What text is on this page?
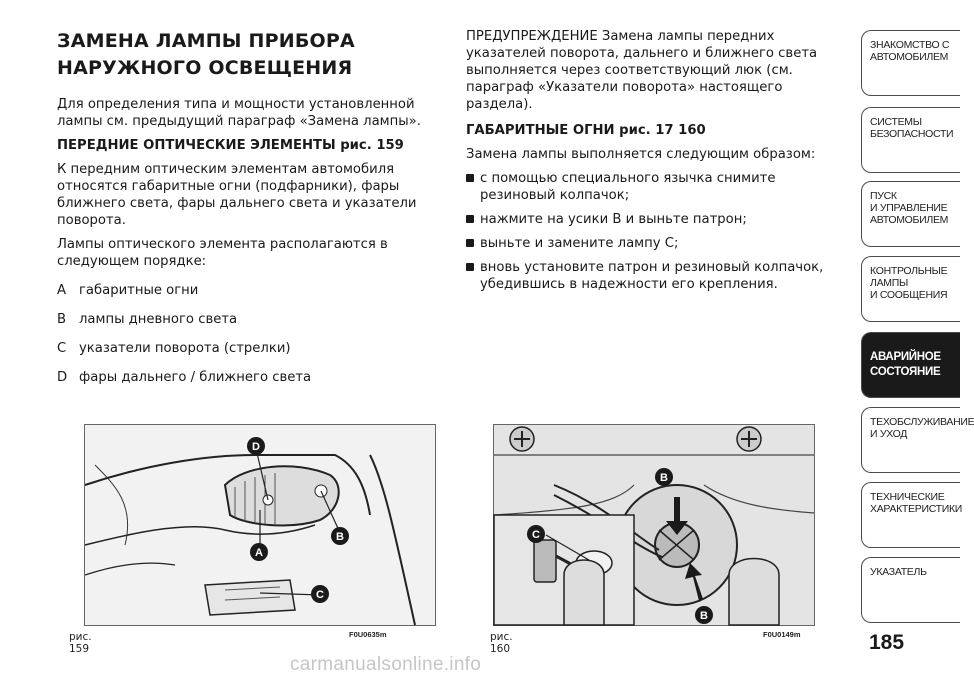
ЗАМЕНА ЛАМПЫ ПРИБОРА НАРУЖНОГО ОСВЕЩЕНИЯ

Для определения типа и мощности установленной лампы см. предыдущий параграф «Замена лампы».

ПЕРЕДНИЕ ОПТИЧЕСКИЕ ЭЛЕМЕНТЫ рис. 159

К передним оптическим элементам автомобиля относятся габаритные огни (подфарники), фары ближнего света, фары дальнего света и указатели поворота.

Лампы оптического элемента располагаются в следующем порядке:

A габаритные огни
B лампы дневного света
C указатели поворота (стрелки)
D фары дальнего / ближнего света

ПРЕДУПРЕЖДЕНИЕ Замена лампы передних указателей поворота, дальнего и ближнего света выполняется через соответствующий люк (см. параграф «Указатели поворота» настоящего раздела).

ГАБАРИТНЫЕ ОГНИ рис. 17 160

Замена лампы выполняется следующим образом:

с помощью специального язычка снимите резиновый колпачок;
нажмите на усики B и выньте патрон;
выньте и замените лампу C;
вновь установите патрон и резиновый колпачок, убедившись в надежности его крепления.
ЗНАКОМСТВО С
АВТОМОБИЛЕМ
СИСТЕМЫ
БЕЗОПАСНОСТИ
ПУСК
И УПРАВЛЕНИЕ
АВТОМОБИЛЕМ
КОНТРОЛЬНЫЕ
ЛАМПЫ
И СООБЩЕНИЯ
АВАРИЙНОЕ
СОСТОЯНИЕ
ТЕХОБСЛУЖИВАНИЕ
И УХОД
ТЕХНИЧЕСКИЕ
ХАРАКТЕРИСТИКИ
УКАЗАТЕЛЬ
D
A
B
C
рис. 159
F0U0635m
B
C
B
рис. 160
F0U0149m	185
carmanualsonline.info
